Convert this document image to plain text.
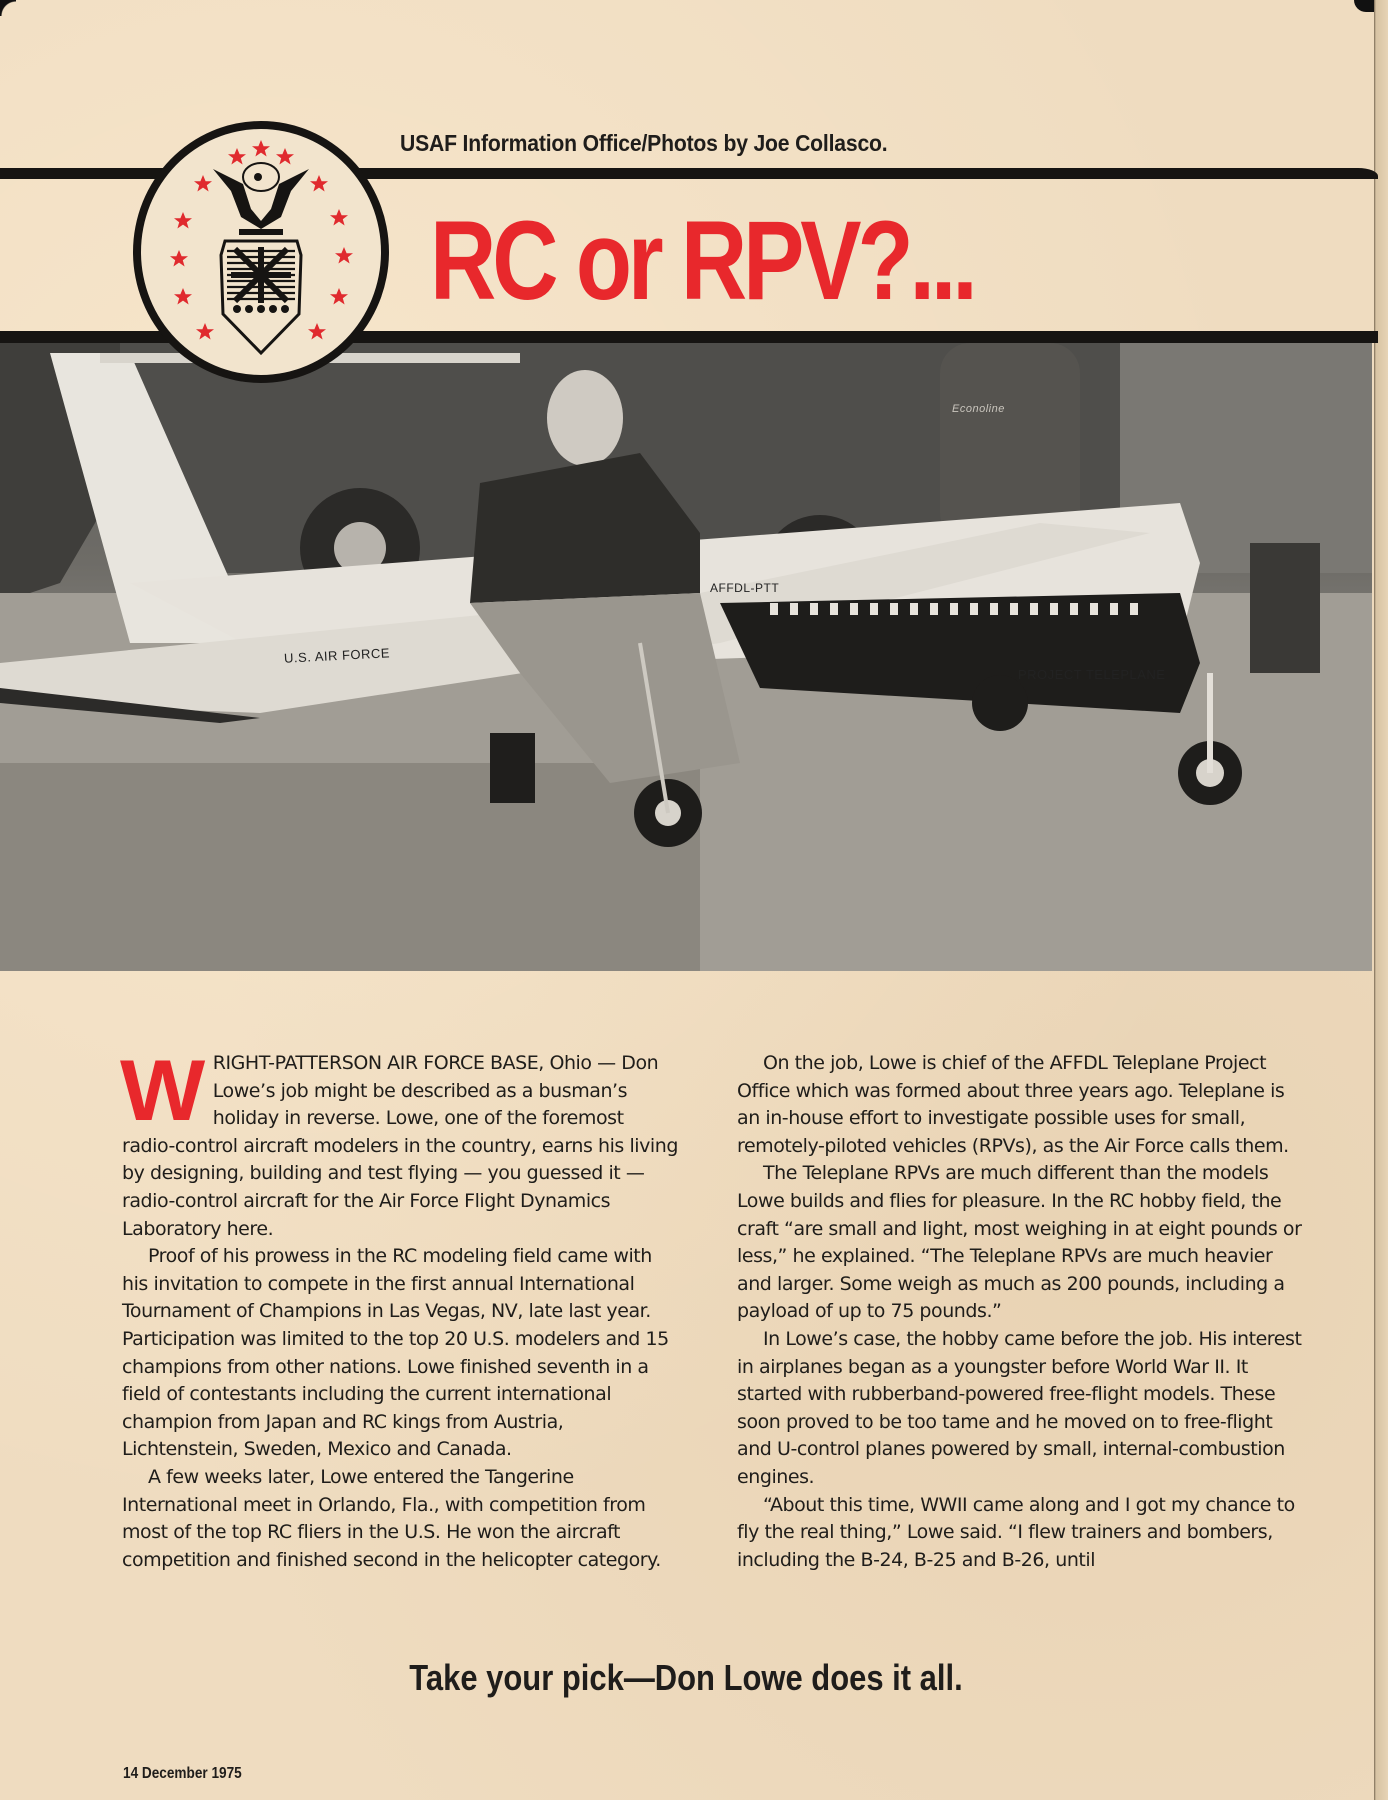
USAF Information Office/Photos by Joe Collasco.
RC or RPV?...
U.S. AIR FORCE
AFFDL-PTT
PROJECT TELEPLANE
Econoline

WRIGHT-PATTERSON AIR FORCE BASE, Ohio — Don Lowe’s job might be described as a busman’s holiday in reverse. Lowe, one of the foremost radio-control aircraft modelers in the country, earns his living by designing, building and test flying — you guessed it — radio-control aircraft for the Air Force Flight Dynamics Laboratory here.

Proof of his prowess in the RC modeling field came with his invitation to compete in the first annual International Tournament of Champions in Las Vegas, NV, late last year. Participation was limited to the top 20 U.S. modelers and 15 champions from other nations. Lowe finished seventh in a field of contestants including the current international champion from Japan and RC kings from Austria, Lichtenstein, Sweden, Mexico and Canada.

A few weeks later, Lowe entered the Tangerine International meet in Orlando, Fla., with competition from most of the top RC fliers in the U.S. He won the aircraft competition and finished second in the helicopter category.

On the job, Lowe is chief of the AFFDL Teleplane Project Office which was formed about three years ago. Teleplane is an in-house effort to investigate possible uses for small, remotely-piloted vehicles (RPVs), as the Air Force calls them.

The Teleplane RPVs are much different than the models Lowe builds and flies for pleasure. In the RC hobby field, the craft “are small and light, most weighing in at eight pounds or less,” he explained. “The Teleplane RPVs are much heavier and larger. Some weigh as much as 200 pounds, including a payload of up to 75 pounds.”

In Lowe’s case, the hobby came before the job. His interest in airplanes began as a youngster before World War II. It started with rubberband-powered free-flight models. These soon proved to be too tame and he moved on to free-flight and U-control planes powered by small, internal-combustion engines.

“About this time, WWII came along and I got my chance to fly the real thing,” Lowe said. “I flew trainers and bombers, including the B-24, B-25 and B-26, until

Take your pick—Don Lowe does it all.
14 December 1975
